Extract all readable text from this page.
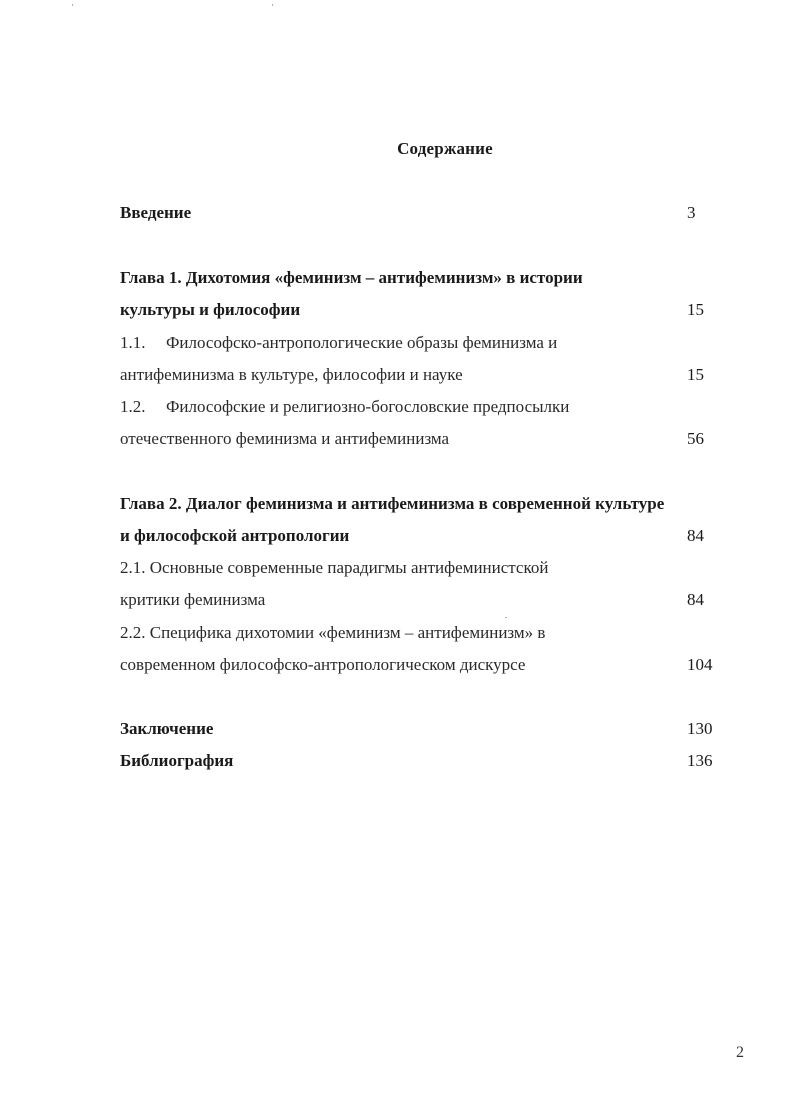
Содержание
Введение	3
Глава 1. Дихотомия «феминизм – антифеминизм» в истории
культуры и философии	15
1.1. Философско-антропологические образы феминизма и
антифеминизма в культуре, философии и науке	15
1.2. Философские и религиозно-богословские предпосылки
отечественного феминизма и антифеминизма	56
Глава 2. Диалог феминизма и антифеминизма в современной культуре
и философской антропологии	84
2.1. Основные современные парадигмы антифеминистской
критики феминизма	84
2.2. Специфика дихотомии «феминизм – антифеминизм» в
современном философско-антропологическом дискурсе	104
Заключение	130
Библиография	136
2
